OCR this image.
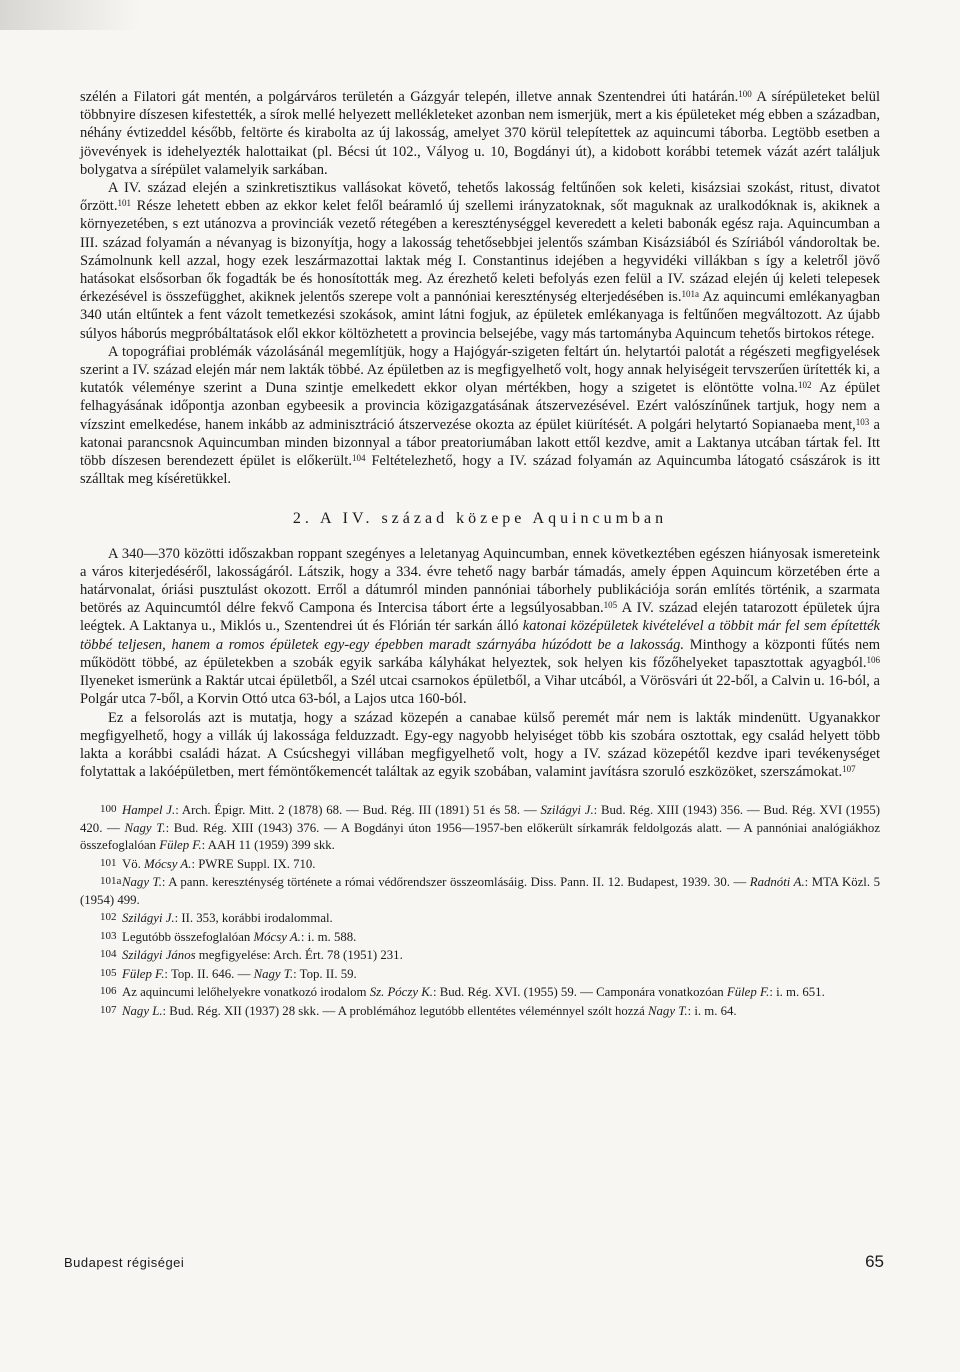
szélén a Filatori gát mentén, a polgárváros területén a Gázgyár telepén, illetve annak Szentendrei úti határán.$^{100}$ A sírépületeket belül többnyire díszesen kifestették, a sírok mellé helyezett mellékleteket azonban nem ismerjük, mert a kis épületeket még ebben a században, néhány évtizeddel később, feltörte és kirabolta az új lakosság, amelyet 370 körül telepítettek az aquincumi táborba. Legtöbb esetben a jövevények is idehelyezték halottaikat (pl. Bécsi út 102., Vályog u. 10, Bogdányi út), a kidobott korábbi tetemek vázát azért találjuk bolygatva a sírépület valamelyik sarkában.

A IV. század elején a szinkretisztikus vallásokat követő, tehetős lakosság feltűnően sok keleti, kisázsiai szokást, ritust, divatot őrzött.$^{101}$ Része lehetett ebben az ekkor kelet felől beáramló új szellemi irányzatoknak, sőt maguknak az uralkodóknak is, akiknek a környezetében, s ezt utánozva a provinciák vezető rétegében a kereszténységgel keveredett a keleti babonák egész raja. Aquincumban a III. század folyamán a névanyag is bizonyítja, hogy a lakosság tehetősebbjei jelentős számban Kisázsiából és Szíriából vándoroltak be. Számolnunk kell azzal, hogy ezek leszármazottai laktak még I. Constantinus idejében a hegyvidéki villákban s így a keletről jövő hatásokat elsősorban ők fogadták be és honosították meg. Az érezhető keleti befolyás ezen felül a IV. század elején új keleti telepesek érkezésével is összefügghet, akiknek jelentős szerepe volt a pannóniai kereszténység elterjedésében is.$^{101a}$ Az aquincumi emlékanyagban 340 után eltűntek a fent vázolt temetkezési szokások, amint látni fogjuk, az épületek emlékanyaga is feltűnően megváltozott. Az újabb súlyos háborús megpróbáltatások elől ekkor költözhetett a provincia belsejébe, vagy más tartományba Aquincum tehetős birtokos rétege.

A topográfiai problémák vázolásánál megemlítjük, hogy a Hajógyár-szigeten feltárt ún. helytartói palotát a régészeti megfigyelések szerint a IV. század elején már nem lakták többé. Az épületben az is megfigyelhető volt, hogy annak helyiségeit tervszerűen ürítették ki, a kutatók véleménye szerint a Duna szintje emelkedett ekkor olyan mértékben, hogy a szigetet is elöntötte volna.$^{102}$ Az épület felhagyásának időpontja azonban egybeesik a provincia közigazgatásának átszervezésével. Ezért valószínűnek tartjuk, hogy nem a vízszint emelkedése, hanem inkább az adminisztráció átszervezése okozta az épület kiürítését. A polgári helytartó Sopianaeba ment,$^{103}$ a katonai parancsnok Aquincumban minden bizonnyal a tábor preatoriumában lakott ettől kezdve, amit a Laktanya utcában tártak fel. Itt több díszesen berendezett épület is előkerült.$^{104}$ Feltételezhető, hogy a IV. század folyamán az Aquincumba látogató császárok is itt szálltak meg kíséretükkel.

2. A IV. század közepe Aquincumban

A 340—370 közötti időszakban roppant szegényes a leletanyag Aquincumban, ennek következtében egészen hiányosak ismereteink a város kiterjedéséről, lakosságáról. Látszik, hogy a 334. évre tehető nagy barbár támadás, amely éppen Aquincum körzetében érte a határvonalat, óriási pusztulást okozott. Erről a dátumról minden pannóniai táborhely publikációja során említés történik, a szarmata betörés az Aquincumtól délre fekvő Campona és Intercisa tábort érte a legsúlyosabban.$^{105}$ A IV. század elején tatarozott épületek újra leégtek. A Laktanya u., Miklós u., Szentendrei út és Flórián tér sarkán álló katonai középületek kivételével a többit már fel sem építették többé teljesen, hanem a romos épületek egy-egy épebben maradt szárnyába húzódott be a lakosság. Minthogy a központi fűtés nem működött többé, az épületekben a szobák egyik sarkába kályhákat helyeztek, sok helyen kis főzőhelyeket tapasztottak agyagból.$^{106}$ Ilyeneket ismerünk a Raktár utcai épületből, a Szél utcai csarnokos épületből, a Vihar utcából, a Vörösvári út 22-ből, a Calvin u. 16-ból, a Polgár utca 7-ből, a Korvin Ottó utca 63-ból, a Lajos utca 160-ból.

Ez a felsorolás azt is mutatja, hogy a század közepén a canabae külső peremét már nem is lakták mindenütt. Ugyanakkor megfigyelhető, hogy a villák új lakossága felduzzadt. Egy-egy nagyobb helyiséget több kis szobára osztottak, egy család helyett több lakta a korábbi családi házat. A Csúcshegyi villában megfigyelhető volt, hogy a IV. század közepétől kezdve ipari tevékenységet folytattak a lakóépületben, mert fémöntőkemencét találtak az egyik szobában, valamint javításra szoruló eszközöket, szerszámokat.$^{107}$

100 Hampel J.: Arch. Épigr. Mitt. 2 (1878) 68. — Bud. Rég. III (1891) 51 és 58. — Szilágyi J.: Bud. Rég. XIII (1943) 356. — Bud. Rég. XVI (1955) 420. — Nagy T.: Bud. Rég. XIII (1943) 376. — A Bogdányi úton 1956—1957-ben előkerült sírkamrák feldolgozás alatt. — A pannóniai analógiákhoz összefoglalóan Fülep F.: AAH 11 (1959) 399 skk.

101 Vö. Mócsy A.: PWRE Suppl. IX. 710.

101aNagy T.: A pann. kereszténység története a római védőrendszer összeomlásáig. Diss. Pann. II. 12. Budapest, 1939. 30. — Radnóti A.: MTA Közl. 5 (1954) 499.

102 Szilágyi J.: II. 353, korábbi irodalommal.

103 Legutóbb összefoglalóan Mócsy A.: i. m. 588.

104 Szilágyi János megfigyelése: Arch. Ért. 78 (1951) 231.

105 Fülep F.: Top. II. 646. — Nagy T.: Top. II. 59.

106 Az aquincumi lelőhelyekre vonatkozó irodalom Sz. Póczy K.: Bud. Rég. XVI. (1955) 59. — Camponára vonatkozóan Fülep F.: i. m. 651.

107 Nagy L.: Bud. Rég. XII (1937) 28 skk. — A problémához legutóbb ellentétes véleménnyel szólt hozzá Nagy T.: i. m. 64.

Budapest régiségei	65
